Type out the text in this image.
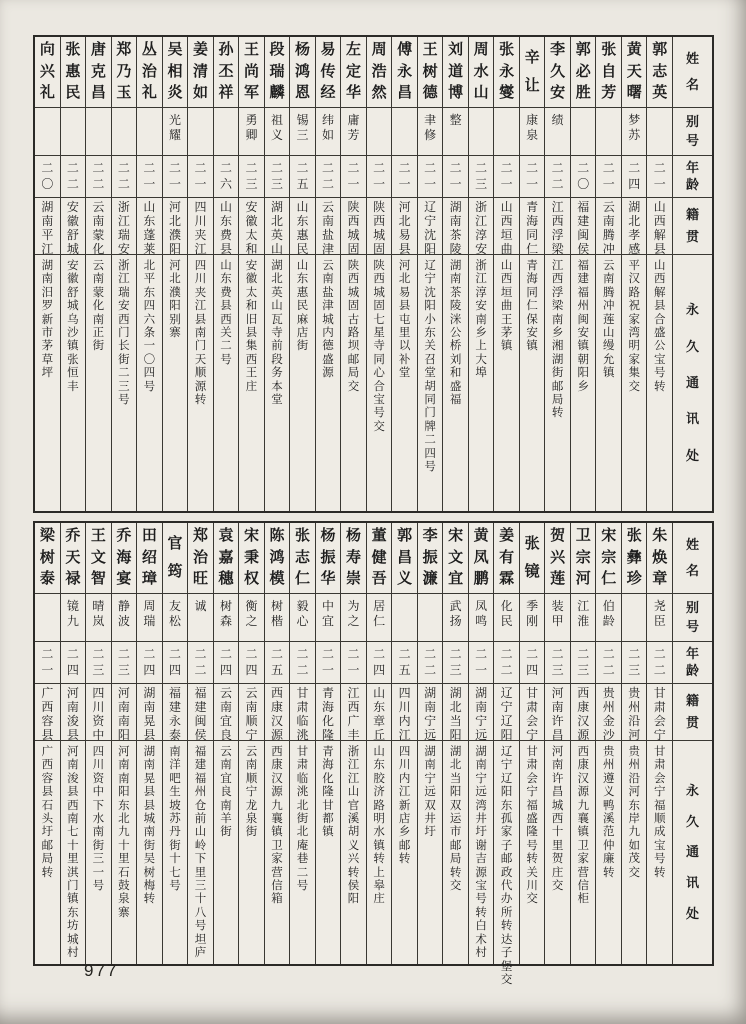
姓
名
别
号
年
龄
籍
贯
永
久
通
讯
处
郭
志
英
二
一
山
西
解
县
山
西
解
县
合
盛
公
宝
号
转
黄
天
曙
梦
苏
二
四
湖
北
孝
感
平
汉
路
祝
家
湾
明
家
集
交
张
自
芳
二
一
云
南
腾
冲
云
南
腾
冲
莲
山
缦
允
镇
郭
必
胜
二
〇
福
建
闽
侯
福
建
福
州
闽
安
镇
朝
阳
乡
李
久
安
绩
二
二
江
西
浮
梁
江
西
浮
梁
南
乡
湘
湖
街
邮
局
转
辛
让
康
泉
二
一
青
海
同
仁
青
海
同
仁
保
安
镇
张
永
燮
二
一
山
西
垣
曲
山
西
垣
曲
王
茅
镇
周
水
山
二
三
浙
江
淳
安
浙
江
淳
安
南
乡
上
大
埠
刘
道
博
整
二
一
湖
南
茶
陵
湖
南
茶
陵
洣
公
桥
刘
和
盛
福
王
树
德
聿
修
二
一
辽
宁
沈
阳
辽
宁
沈
阳
小
东
关
召
堂
胡
同
门
牌
二
四
号
傅
永
昌
二
一
河
北
易
县
河
北
易
县
屯
里
以
补
堂
周
浩
然
二
一
陕
西
城
固
陕
西
城
固
七
星
寺
同
心
合
宝
号
交
左
定
华
庸
芳
二
一
陕
西
城
固
陕
西
城
固
古
路
坝
邮
局
交
易
传
经
纬
如
二
二
云
南
盐
津
云
南
盐
津
城
内
德
盛
源
杨
鸿
恩
锡
三
二
五
山
东
惠
民
山
东
惠
民
麻
店
街
段
瑞
麟
祖
义
二
三
湖
北
英
山
湖
北
英
山
瓦
寺
前
段
务
本
堂
王
尚
军
勇
卿
二
三
安
徽
太
和
安
徽
太
和
旧
县
集
西
王
庄
孙
丕
祥
二
六
山
东
费
县
山
东
费
县
西
关
二
号
姜
清
如
二
一
四
川
夹
江
四
川
夹
江
县
南
门
天
顺
源
转
吴
相
炎
光
耀
二
一
河
北
濮
阳
河
北
濮
阳
别
寨
丛
治
礼
二
一
山
东
蓬
莱
北
平
东
四
六
条
一
〇
四
号
郑
乃
玉
二
二
浙
江
瑞
安
浙
江
瑞
安
西
门
长
街
二
三
号
唐
克
昌
二
二
云
南
蒙
化
云
南
蒙
化
南
正
街
张
惠
民
二
二
安
徽
舒
城
安
徽
舒
城
乌
沙
镇
张
恒
丰
向
兴
礼
二
〇
湖
南
平
江
湖
南
汨
罗
新
市
茅
草
坪
姓
名
别
号
年
龄
籍
贯
永
久
通
讯
处
朱
焕
章
尧
臣
二
二
甘
肃
会
宁
甘
肃
会
宁
福
顺
成
宝
号
转
张
彝
珍
二
三
贵
州
沿
河
贵
州
沿
河
东
岸
九
如
茂
交
宋
宗
仁
伯
龄
二
二
贵
州
金
沙
贵
州
遵
义
鸭
溪
范
仲
廉
转
卫
宗
河
江
淮
二
三
西
康
汉
源
西
康
汉
源
九
襄
镇
卫
家
营
信
柜
贺
兴
莲
装
甲
二
三
河
南
许
昌
河
南
许
昌
城
西
十
里
贺
庄
交
张
镜
季
刚
二
四
甘
肃
会
宁
甘
肃
会
宁
福
盛
隆
号
转
关
川
交
姜
有
霖
化
民
二
二
辽
宁
辽
阳
辽
宁
辽
阳
东
孤
家
子
邮
政
代
办
所
转
达
子
堡
交
黄
凤
鹏
凤
鸣
二
一
湖
南
宁
远
湖
南
宁
远
湾
井
圩
谢
吉
源
宝
号
转
白
术
村
宋
文
宜
武
扬
二
三
湖
北
当
阳
湖
北
当
阳
双
运
市
邮
局
转
交
李
振
濂
二
二
湖
南
宁
远
湖
南
宁
远
双
井
圩
郭
昌
义
二
五
四
川
内
江
四
川
内
江
新
店
乡
邮
转
董
健
吾
居
仁
二
四
山
东
章
丘
山
东
胶
济
路
明
水
镇
转
上
皋
庄
杨
寿
崇
为
之
二
一
江
西
广
丰
浙
江
江
山
官
溪
胡
义
兴
转
侯
阳
杨
振
华
中
宜
二
一
青
海
化
隆
青
海
化
隆
甘
都
镇
张
志
仁
毅
心
二
二
甘
肃
临
洮
甘
肃
临
洮
北
街
北
庵
巷
二
号
陈
鸿
模
树
楷
二
五
西
康
汉
源
西
康
汉
源
九
襄
镇
卫
家
营
信
箱
宋
秉
权
衡
之
二
四
云
南
顺
宁
云
南
顺
宁
龙
泉
街
袁
嘉
穗
树
森
二
四
云
南
宜
良
云
南
宜
良
南
羊
街
郑
治
旺
诚
二
二
福
建
闽
侯
福
建
福
州
仓
前
山
岭
下
里
三
十
八
号
坦
庐
官
筠
友
松
二
四
福
建
永
泰
南
洋
吧
生
坡
苏
丹
街
十
七
号
田
绍
璋
周
瑞
二
四
湖
南
晃
县
湖
南
晃
县
县
城
南
街
吴
树
梅
转
乔
海
宴
静
波
二
三
河
南
南
阳
河
南
南
阳
东
北
九
十
里
石
鼓
泉
寨
王
文
智
晴
岚
二
三
四
川
资
中
四
川
资
中
下
水
南
街
三
一
号
乔
天
禄
镜
九
二
四
河
南
浚
县
河
南
浚
县
西
南
七
十
里
淇
门
镇
东
坊
城
村
梁
树
泰
二
一
广
西
容
县
广
西
容
县
石
头
圩
邮
局
转
977
